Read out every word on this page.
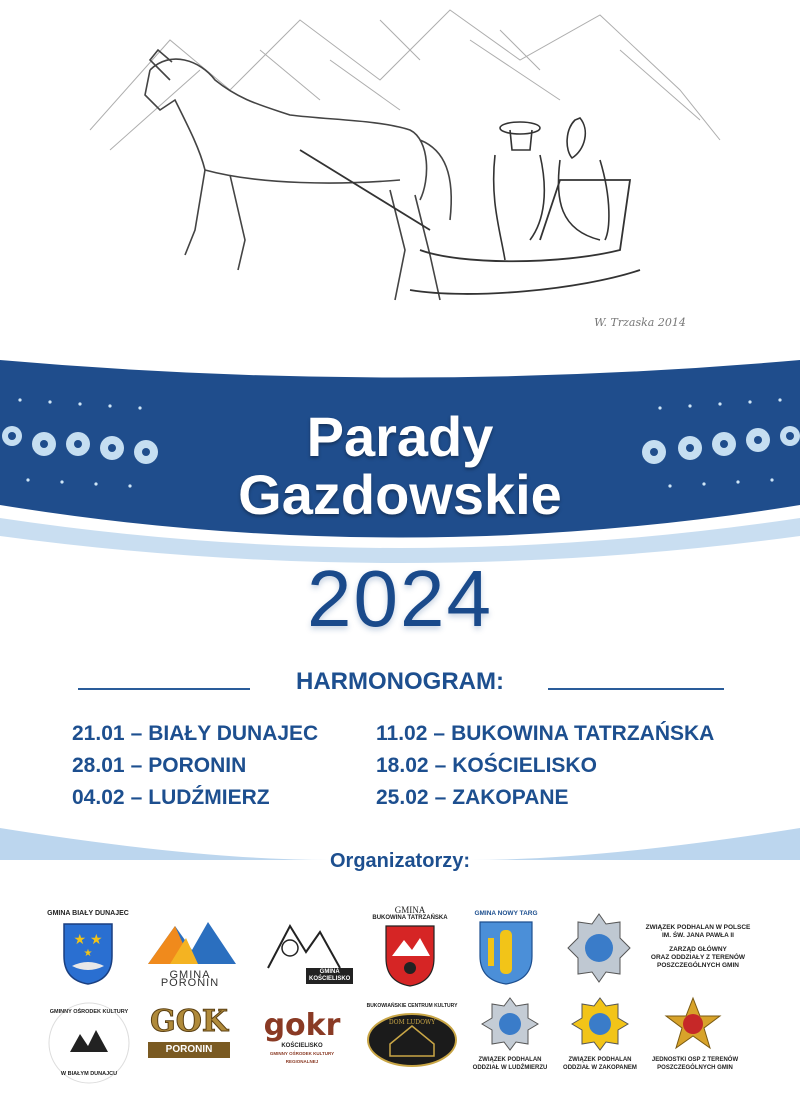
W. Trzaska 2014
Parady
Gazdowskie
2024
HARMONOGRAM:
21.01 – BIAŁY DUNAJEC
28.01 – PORONIN
04.02 – LUDŹMIERZ
11.02 – BUKOWINA TATRZAŃSKA
18.02 – KOŚCIELISKO
25.02 – ZAKOPANE
Organizatorzy:
GMINA BIAŁY DUNAJEC
★ ★
★
GMINA PORONIN
GMINA
KOŚCIELISKO
GMINA
BUKOWINA TATRZAŃSKA
GMINA NOWY TARG
ZWIĄZEK PODHALAN W POLSCE
IM. ŚW. JANA PAWŁA II
ZARZĄD GŁÓWNY
ORAZ ODDZIAŁY Z TERENÓW
POSZCZEGÓLNYCH GMIN
GMINNY OŚRODEK KULTURY
W BIAŁYM DUNAJCU
GOK
PORONIN
gokr
KOŚCIELISKO
GMINNY OŚRODEK KULTURY REGIONALNEJ
BUKOWIAŃSKIE CENTRUM KULTURY
DOM LUDOWY
ZWIĄZEK PODHALAN
ODDZIAŁ W LUDŹMIERZU
ZWIĄZEK PODHALAN
ODDZIAŁ W ZAKOPANEM
JEDNOSTKI OSP Z TERENÓW
POSZCZEGÓLNYCH GMIN
